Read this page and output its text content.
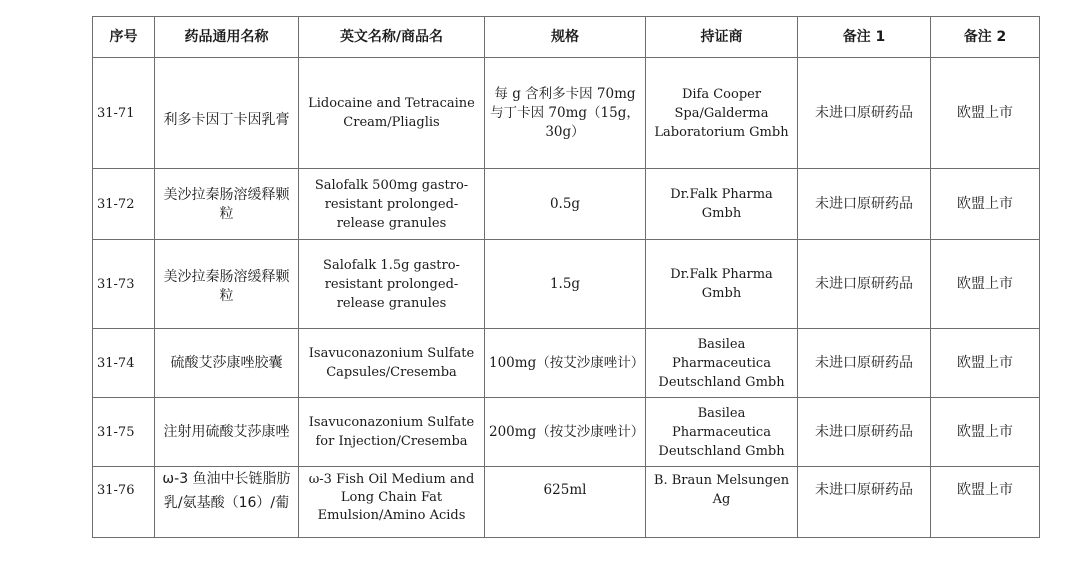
序号	药品通用名称	英文名称/商品名	规格	持证商	备注 1	备注 2
31-71	利多卡因丁卡因乳膏	Lidocaine and Tetracaine Cream/Pliaglis	每 g 含利多卡因 70mg 与丁卡因 70mg（15g，30g）	Difa Cooper Spa/Galderma Laboratorium Gmbh	未进口原研药品	欧盟上市
31-72	美沙拉秦肠溶缓释颗粒	Salofalk 500mg gastro-resistant prolonged-release granules	0.5g	Dr.Falk Pharma Gmbh	未进口原研药品	欧盟上市
31-73	美沙拉秦肠溶缓释颗粒	Salofalk 1.5g gastro-resistant prolonged-release granules	1.5g	Dr.Falk Pharma Gmbh	未进口原研药品	欧盟上市
31-74	硫酸艾莎康唑胶囊	Isavuconazonium Sulfate Capsules/Cresemba	100mg（按艾沙康唑计）	Basilea Pharmaceutica Deutschland Gmbh	未进口原研药品	欧盟上市
31-75	注射用硫酸艾莎康唑	Isavuconazonium Sulfate for Injection/Cresemba	200mg（按艾沙康唑计）	Basilea Pharmaceutica Deutschland Gmbh	未进口原研药品	欧盟上市
31-76	ω-3 鱼油中长链脂肪乳/氨基酸（16）/葡	ω-3 Fish Oil Medium and Long Chain Fat Emulsion/Amino Acids	625ml	B. Braun Melsungen Ag	未进口原研药品	欧盟上市
